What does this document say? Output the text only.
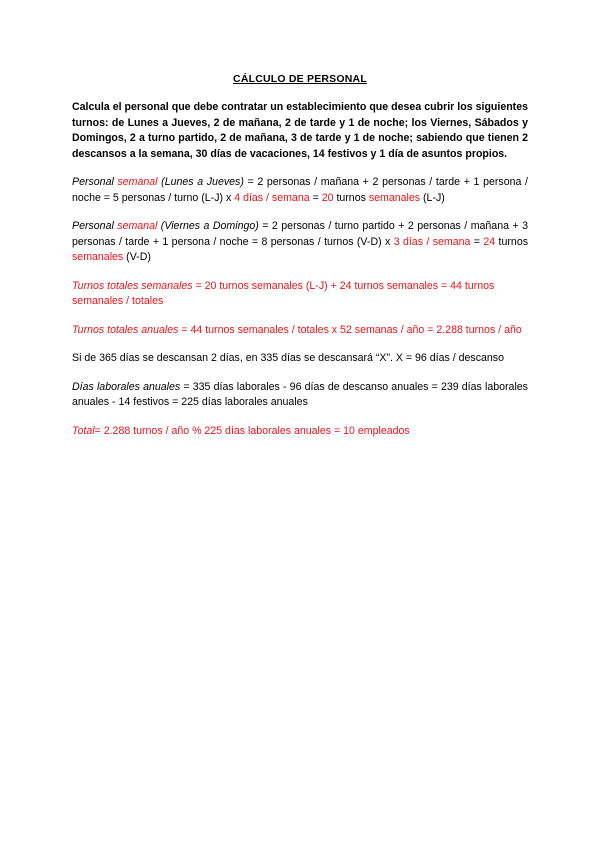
CÁLCULO DE PERSONAL

Calcula el personal que debe contratar un establecimiento que desea cubrir los siguientes turnos: de Lunes a Jueves, 2 de mañana, 2 de tarde y 1 de noche; los Viernes, Sábados y Domingos, 2 a turno partido, 2 de mañana, 3 de tarde y 1 de noche; sabiendo que tienen 2 descansos a la semana, 30 días de vacaciones, 14 festivos y 1 día de asuntos propios.

Personal semanal (Lunes a Jueves) = 2 personas / mañana + 2 personas / tarde + 1 persona / noche = 5 personas / turno (L-J) x 4 días / semana = 20 turnos semanales (L-J)

Personal semanal (Viernes a Domingo) = 2 personas / turno partido + 2 personas / mañana + 3 personas / tarde + 1 persona / noche = 8 personas / turnos (V-D) x 3 días / semana = 24 turnos semanales (V-D)

Turnos totales semanales = 20 turnos semanales (L-J) + 24 turnos semanales = 44 turnos semanales / totales

Turnos totales anuales = 44 turnos semanales / totales x 52 semanas / año = 2.288 turnos / año

Si de 365 días se descansan 2 días, en 335 días se descansará “X”. X = 96 días / descanso

Días laborales anuales = 335 días laborales - 96 días de descanso anuales = 239 días laborales anuales - 14 festivos = 225 días laborales anuales

Total= 2.288 turnos / año % 225 días laborales anuales = 10 empleados
